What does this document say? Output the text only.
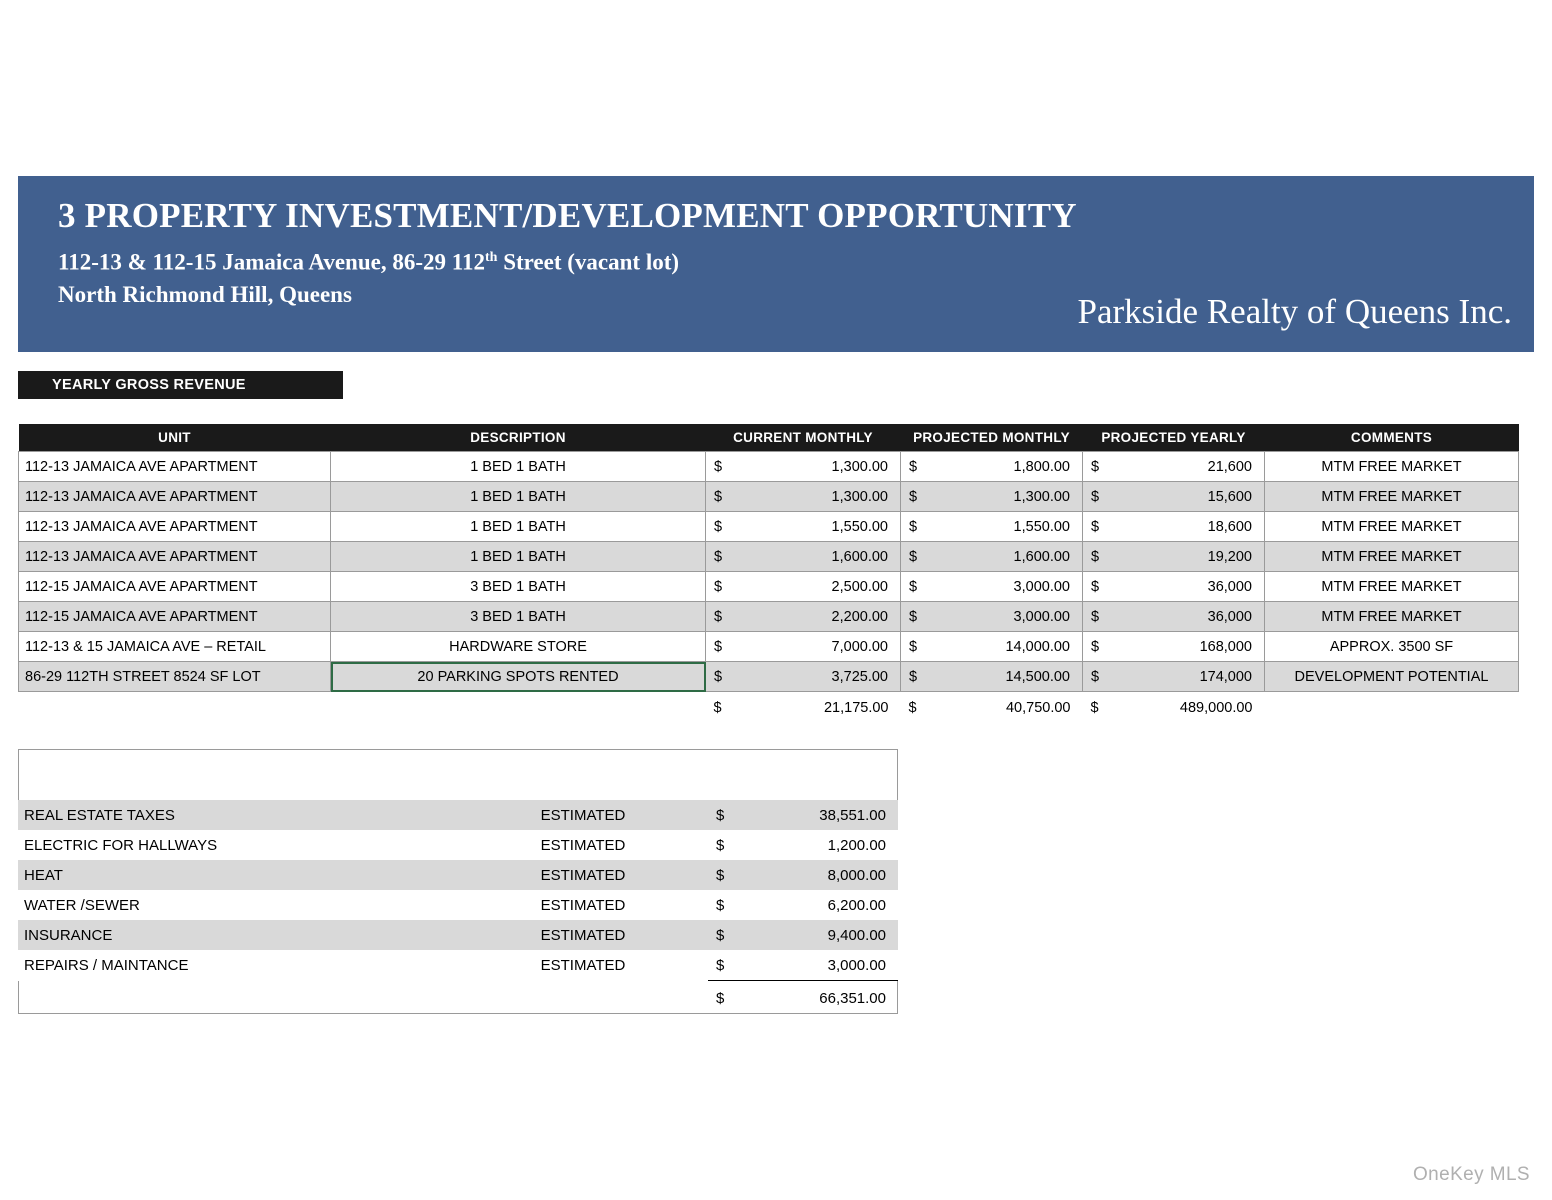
3 PROPERTY INVESTMENT/DEVELOPMENT OPPORTUNITY
112-13 & 112-15 Jamaica Avenue, 86-29 112th Street (vacant lot)
North Richmond Hill, Queens	Parkside Realty of Queens Inc.
YEARLY GROSS REVENUE
UNIT	DESCRIPTION	CURRENT MONTHLY	PROJECTED MONTHLY	PROJECTED YEARLY	COMMENTS
112-13 JAMAICA AVE APARTMENT	1 BED 1 BATH	$ 1,300.00	$ 1,800.00	$ 21,600	MTM FREE MARKET
112-13 JAMAICA AVE APARTMENT	1 BED 1 BATH	$ 1,300.00	$ 1,300.00	$ 15,600	MTM FREE MARKET
112-13 JAMAICA AVE APARTMENT	1 BED 1 BATH	$ 1,550.00	$ 1,550.00	$ 18,600	MTM FREE MARKET
112-13 JAMAICA AVE APARTMENT	1 BED 1 BATH	$ 1,600.00	$ 1,600.00	$ 19,200	MTM FREE MARKET
112-15 JAMAICA AVE APARTMENT	3 BED 1 BATH	$ 2,500.00	$ 3,000.00	$ 36,000	MTM FREE MARKET
112-15 JAMAICA AVE APARTMENT	3 BED 1 BATH	$ 2,200.00	$ 3,000.00	$ 36,000	MTM FREE MARKET
112-13 & 15 JAMAICA AVE – RETAIL	HARDWARE STORE	$ 7,000.00	$ 14,000.00	$ 168,000	APPROX. 3500 SF
86-29 112TH STREET 8524 SF LOT	20 PARKING SPOTS RENTED	$ 3,725.00	$ 14,500.00	$ 174,000	DEVELOPMENT POTENTIAL

		$ 21,175.00	$ 40,750.00	$ 489,000.00	
REAL ESTATE TAXES	ESTIMATED	$ 38,551.00
ELECTRIC FOR HALLWAYS	ESTIMATED	$ 1,200.00
HEAT	ESTIMATED	$ 8,000.00
WATER /SEWER	ESTIMATED	$ 6,200.00
INSURANCE	ESTIMATED	$ 9,400.00
REPAIRS / MAINTANCE	ESTIMATED	$ 3,000.00

		$ 66,351.00
OneKey MLS
